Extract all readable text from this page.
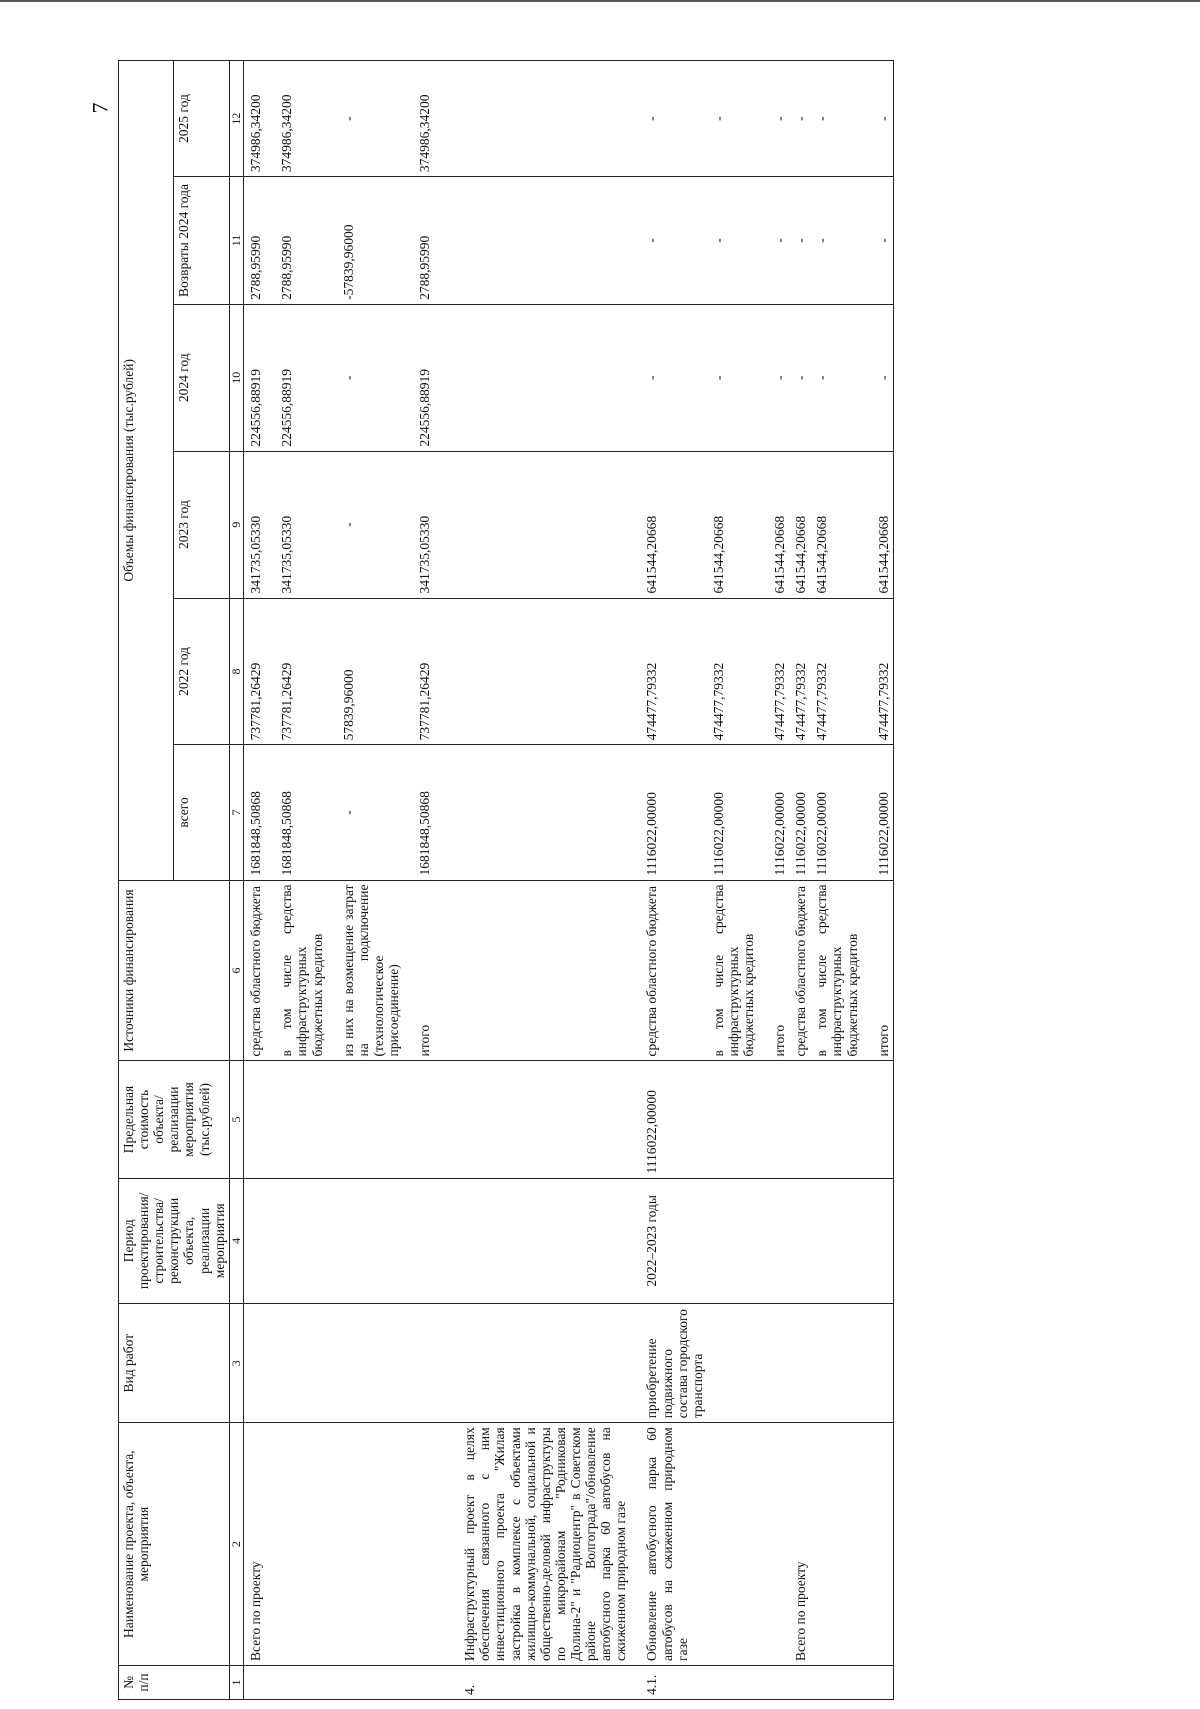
7
№ п/п	Наименование проекта, объекта, мероприятия	Вид работ	Период проектирования/ строительства/ реконструкции объекта, реализации мероприятия	Предельная стоимость объекта/ реализации мероприятия (тыс.рублей)	Источники финансирования	Объемы финансирования (тыс.рублей)					
						всего	2022 год	2023 год	2024 год	Возвраты 2024 года	2025 год
1	2	3	4	5	6	7	8	9	10	11	12
	Всего по проекту				средства областного бюджета	1681848,50868	737781,26429	341735,05330	224556,88919	2788,95990	374986,34200
					в том числе средства инфраструктурных бюджетных кредитов	1681848,50868	737781,26429	341735,05330	224556,88919	2788,95990	374986,34200
					из них на возмещение затрат на подключение (технологическое присоединение)	-	57839,96000	-	-	-57839,96000	-
					итого	1681848,50868	737781,26429	341735,05330	224556,88919	2788,95990	374986,34200
4.	Инфраструктурный проект в целях обеспечения связанного с ним инвестиционного проекта "Жилая застройка в комплексе с объектами жилищно-коммунальной, социальной и общественно-деловой инфраструктуры по микрорайонам "Родниковая Долина-2" и "Радиоцентр" в Советском районе Волгограда"/обновление автобусного парка 60 автобусов на сжиженном природном газе										
4.1.	Обновление автобусного парка 60 автобусов на сжиженном природном газе	приобретение подвижного состава городского транспорта	2022–2023 годы	1116022,00000	средства областного бюджета	1116022,00000	474477,79332	641544,20668	-	-	-
					в том числе средства инфраструктурных бюджетных кредитов	1116022,00000	474477,79332	641544,20668	-	-	-
					итого	1116022,00000	474477,79332	641544,20668	-	-	-
	Всего по проекту				средства областного бюджета	1116022,00000	474477,79332	641544,20668	-	-	-
					в том числе средства инфраструктурных бюджетных кредитов	1116022,00000	474477,79332	641544,20668	-	-	-
					итого	1116022,00000	474477,79332	641544,20668	-	-	-
